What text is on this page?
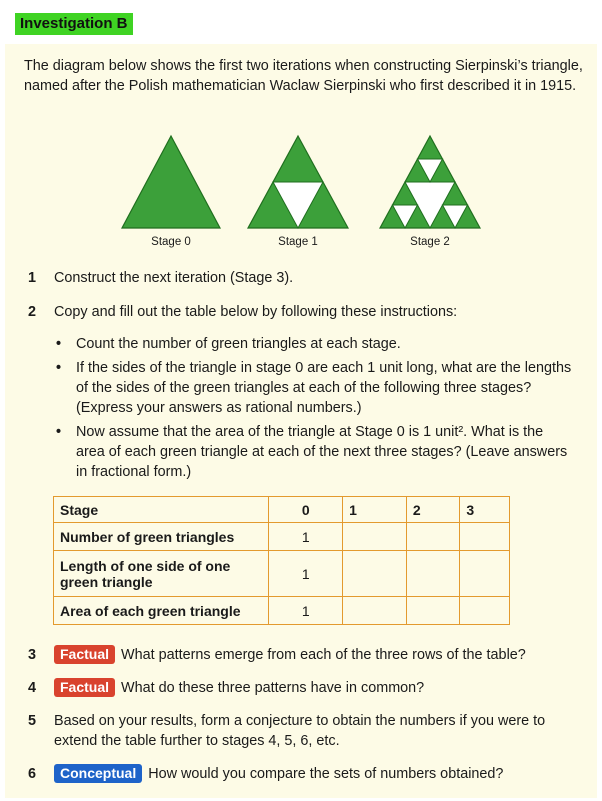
Investigation B

The diagram below shows the first two iterations when constructing Sierpinski’s triangle, named after the Polish mathematician Waclaw Sierpinski who first described it in 1915.

Stage 0	Stage 1	Stage 2
1 Construct the next iteration (Stage 3).
2 Copy and fill out the table below by following these instructions:
• Count the number of green triangles at each stage.
• If the sides of the triangle in stage 0 are each 1 unit long, what are the lengths of the sides of the green triangles at each of the following three stages? (Express your answers as rational numbers.)
• Now assume that the area of the triangle at Stage 0 is 1 unit². What is the area of each green triangle at each of the next three stages? (Leave answers in fractional form.)
Stage	0	1	2	3
Number of green triangles	1			
Length of one side of one green triangle	1			
Area of each green triangle	1			
3	Factual What patterns emerge from each of the three rows of the table?
4	Factual What do these three patterns have in common?
5 Based on your results, form a conjecture to obtain the numbers if you were to extend the table further to stages 4, 5, 6, etc.
6	Conceptual How would you compare the sets of numbers obtained?
